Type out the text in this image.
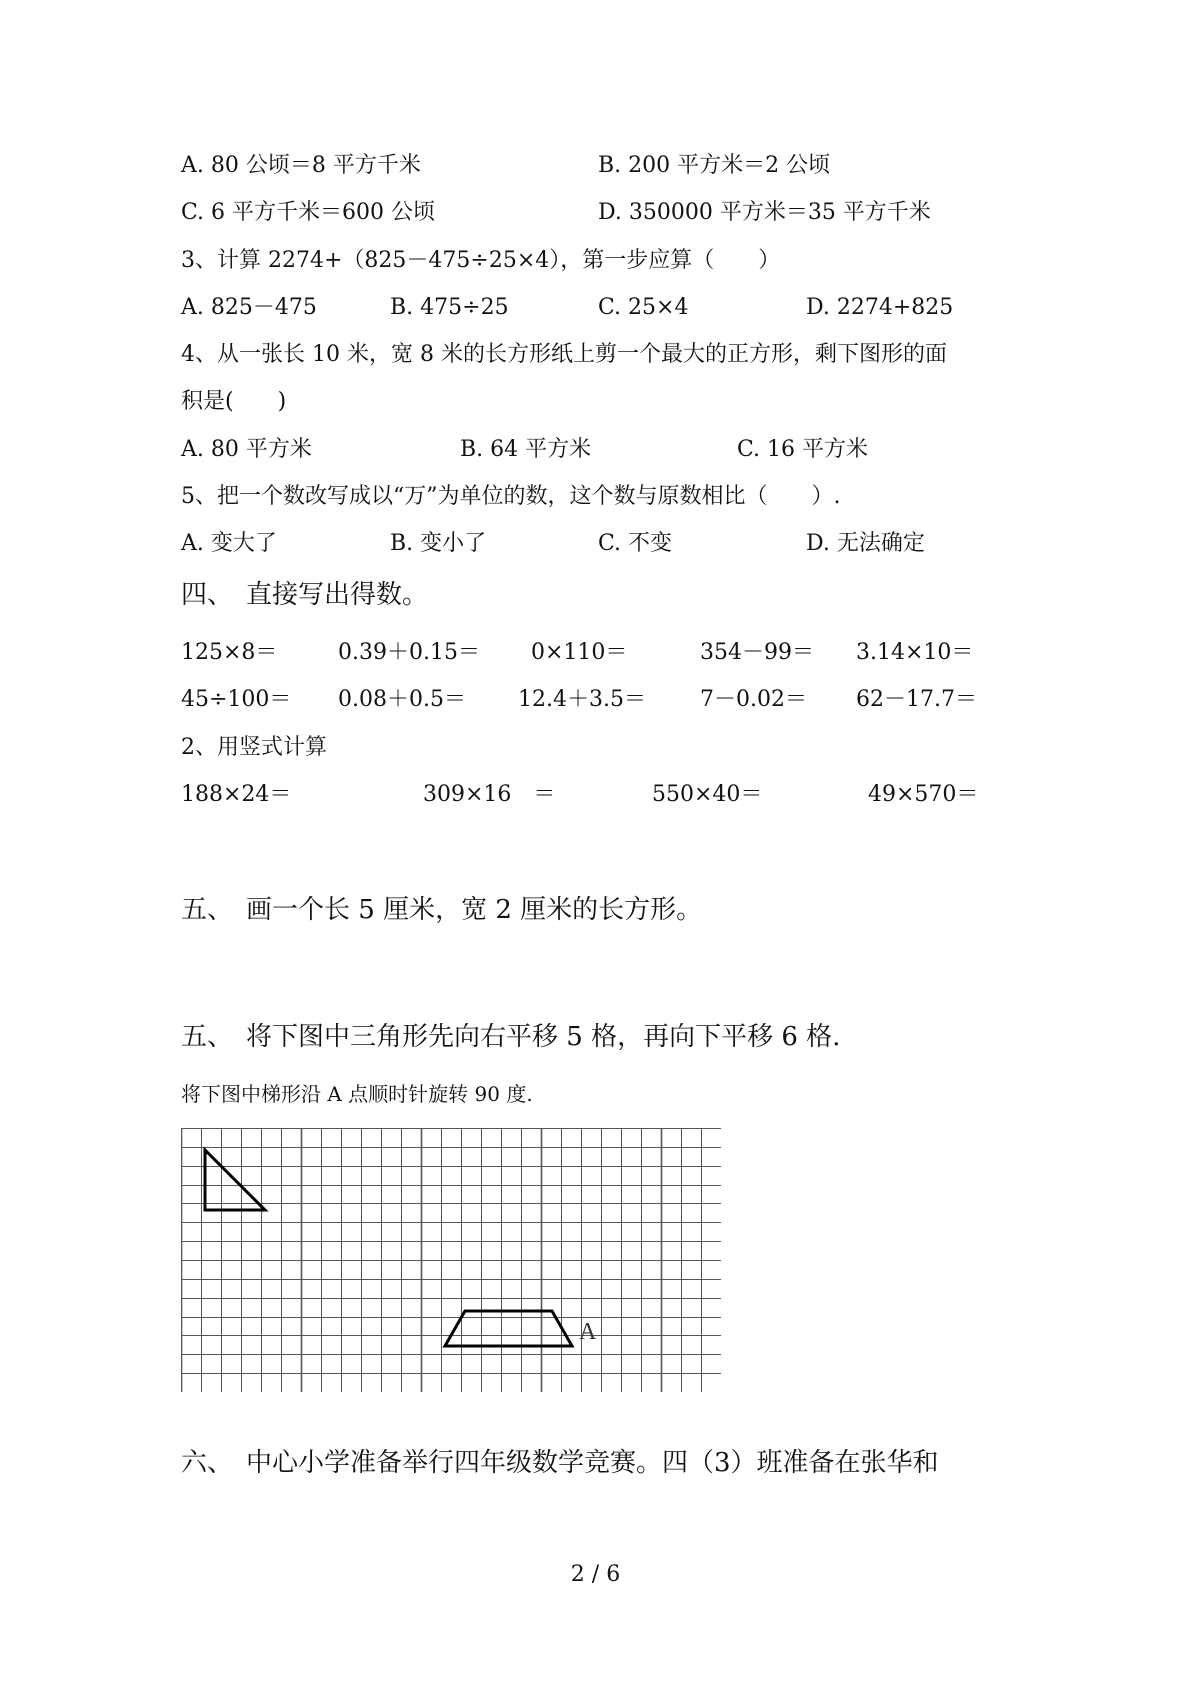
A. 80 公顷＝8 平方千米	B. 200 平方米＝2 公顷
C. 6 平方千米＝600 公顷	D. 350000 平方米＝35 平方千米
3、计算 2274+（825－475÷25×4），第一步应算（　　）
A. 825－475	B. 475÷25	C. 25×4	D. 2274+825
4、从一张长 10 米，宽 8 米的长方形纸上剪一个最大的正方形，剩下图形的面
积是(　　)
A. 80 平方米	B. 64 平方米	C. 16 平方米
5、把一个数改写成以“万”为单位的数，这个数与原数相比（　　）.
A. 变大了	B. 变小了	C. 不变	D. 无法确定
四、　直接写出得数。
125×8＝	0.39＋0.15＝ 0×110＝	354－99＝ 3.14×10＝
45÷100＝ 0.08＋0.5＝ 12.4＋3.5＝ 7－0.02＝ 62－17.7＝
2、用竖式计算
188×24＝	309×16　＝	550×40＝	49×570＝
五、　画一个长 5 厘米，宽 2 厘米的长方形。
五、　将下图中三角形先向右平移 5 格，再向下平移 6 格.
将下图中梯形沿 A 点顺时针旋转 90 度.
A
六、　中心小学准备举行四年级数学竞赛。四（3）班准备在张华和
2 / 6
